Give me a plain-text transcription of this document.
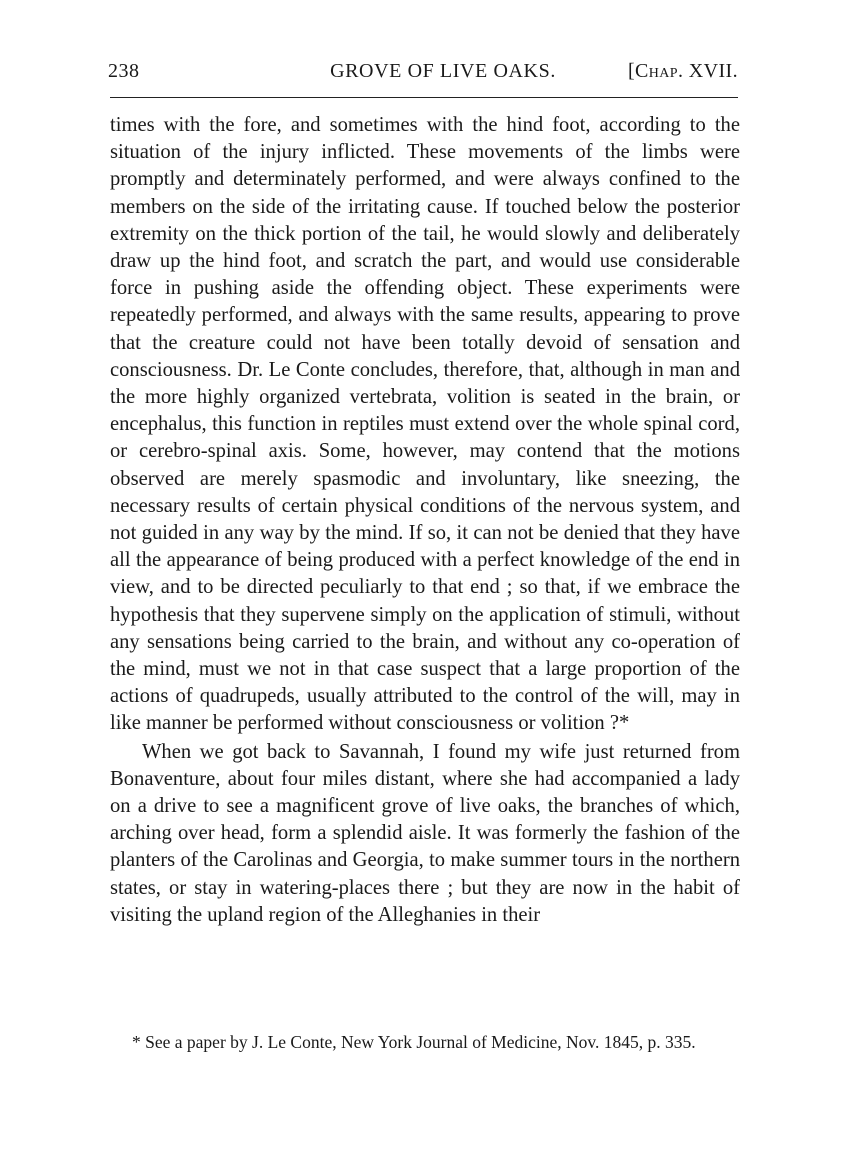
238	GROVE OF LIVE OAKS.	[Chap. XVII.

times with the fore, and sometimes with the hind foot, according to the situation of the injury inflicted. These movements of the limbs were promptly and determinately performed, and were always confined to the members on the side of the irritating cause. If touched below the posterior extremity on the thick portion of the tail, he would slowly and deliberately draw up the hind foot, and scratch the part, and would use considerable force in pushing aside the offending object. These experiments were repeatedly performed, and always with the same results, appearing to prove that the creature could not have been totally devoid of sensation and consciousness. Dr. Le Conte concludes, therefore, that, although in man and the more highly organized vertebrata, volition is seated in the brain, or encephalus, this function in reptiles must extend over the whole spinal cord, or cerebro-spinal axis. Some, however, may contend that the motions observed are merely spasmodic and involuntary, like sneezing, the necessary results of certain physical conditions of the nervous system, and not guided in any way by the mind. If so, it can not be denied that they have all the appearance of being produced with a perfect knowledge of the end in view, and to be directed peculiarly to that end ; so that, if we embrace the hypothesis that they supervene simply on the application of stimuli, without any sensations being carried to the brain, and without any co-operation of the mind, must we not in that case suspect that a large proportion of the actions of quadrupeds, usually attributed to the control of the will, may in like manner be performed without consciousness or volition ?*

When we got back to Savannah, I found my wife just returned from Bonaventure, about four miles distant, where she had accompanied a lady on a drive to see a magnificent grove of live oaks, the branches of which, arching over head, form a splendid aisle. It was formerly the fashion of the planters of the Carolinas and Georgia, to make summer tours in the northern states, or stay in watering-places there ; but they are now in the habit of visiting the upland region of the Alleghanies in their

* See a paper by J. Le Conte, New York Journal of Medicine, Nov. 1845, p. 335.
